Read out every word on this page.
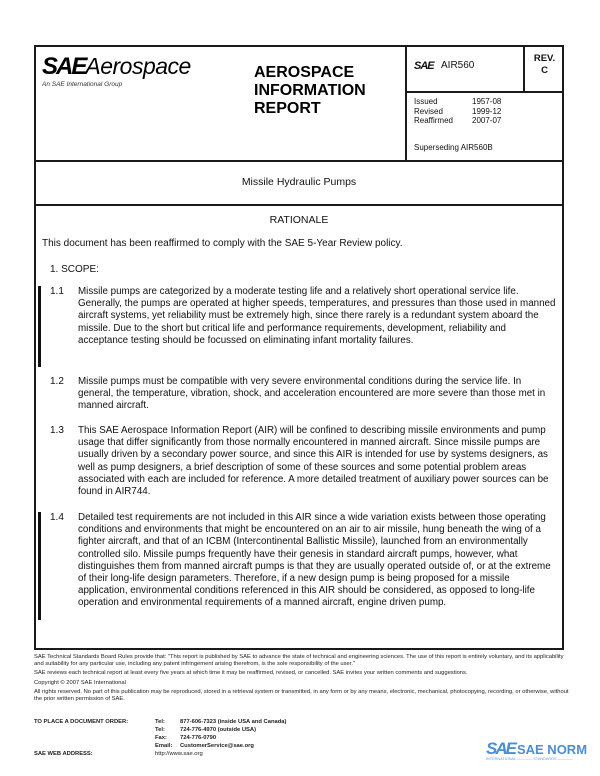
SAEAerospace
An SAE International Group
AEROSPACE
INFORMATION
REPORT
SAE AIR560
REV.
C
Issued	1957-08
Revised	1999-12
Reaffirmed	2007-07
Superseding AIR560B
Missile Hydraulic Pumps
RATIONALE
This document has been reaffirmed to comply with the SAE 5-Year Review policy.
1. SCOPE:
1.1 Missile pumps are categorized by a moderate testing life and a relatively short operational service life. Generally, the pumps are operated at higher speeds, temperatures, and pressures than those used in manned aircraft systems, yet reliability must be extremely high, since there rarely is a redundant system aboard the missile. Due to the short but critical life and performance requirements, development, reliability and acceptance testing should be focussed on eliminating infant mortality failures.
1.2 Missile pumps must be compatible with very severe environmental conditions during the service life. In general, the temperature, vibration, shock, and acceleration encountered are more severe than those met in manned aircraft.
1.3 This SAE Aerospace Information Report (AIR) will be confined to describing missile environments and pump usage that differ significantly from those normally encountered in manned aircraft. Since missile pumps are usually driven by a secondary power source, and since this AIR is intended for use by systems designers, as well as pump designers, a brief description of some of these sources and some potential problem areas associated with each are included for reference. A more detailed treatment of auxiliary power sources can be found in AIR744.
1.4 Detailed test requirements are not included in this AIR since a wide variation exists between those operating conditions and environments that might be encountered on an air to air missile, hung beneath the wing of a fighter aircraft, and that of an ICBM (Intercontinental Ballistic Missile), launched from an environmentally controlled silo. Missile pumps frequently have their genesis in standard aircraft pumps, however, what distinguishes them from manned aircraft pumps is that they are usually operated outside of, or at the extreme of their long-life design parameters. Therefore, if a new design pump is being proposed for a missile application, environmental conditions referenced in this AIR should be considered, as opposed to long-life operation and environmental requirements of a manned aircraft, engine driven pump.

SAE Technical Standards Board Rules provide that: "This report is published by SAE to advance the state of technical and engineering sciences. The use of this report is entirely voluntary, and its applicability and suitability for any particular use, including any patent infringement arising therefrom, is the sole responsibility of the user."

SAE reviews each technical report at least every five years at which time it may be reaffirmed, revised, or cancelled. SAE invites your written comments and suggestions.

Copyright © 2007 SAE International

All rights reserved. No part of this publication may be reproduced, stored in a retrieval system or transmitted, in any form or by any means, electronic, mechanical, photocopying, recording, or otherwise, without the prior written permission of SAE.

TO PLACE A DOCUMENT ORDER:	Tel:	877-606-7323 (inside USA and Canada)
Tel:	724-776-4970 (outside USA)
Fax: 724-776-0790
Email: CustomerService@sae.org
SAE WEB ADDRESS:	http://www.sae.org	SAE SAE NORM
INTERNATIONAL ———— STANDARDS ————
